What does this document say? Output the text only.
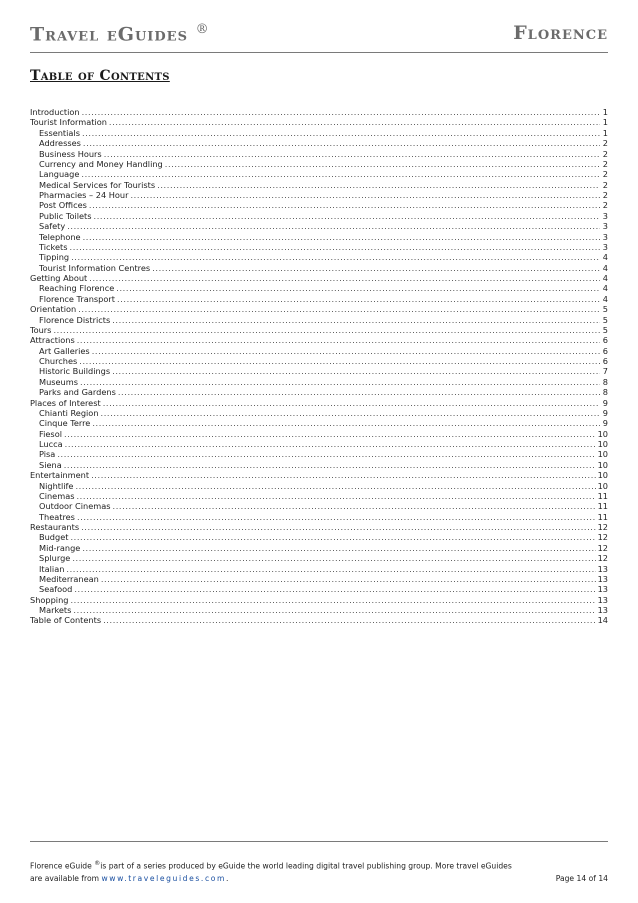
Travel eGuides ®	Florence
Table of Contents
Introduction .....	1
Tourist Information .....	1
Essentials .....	1
Addresses .....	2
Business Hours .....	2
Currency and Money Handling .....	2
Language .....	2
Medical Services for Tourists .....	2
Pharmacies – 24 Hour .....	2
Post Offices .....	2
Public Toilets .....	3
Safety .....	3
Telephone .....	3
Tickets .....	3
Tipping .....	4
Tourist Information Centres .....	4
Getting About .....	4
Reaching Florence .....	4
Florence Transport .....	4
Orientation .....	5
Florence Districts .....	5
Tours .....	5
Attractions .....	6
Art Galleries .....	6
Churches .....	6
Historic Buildings .....	7
Museums .....	8
Parks and Gardens .....	8
Places of Interest .....	9
Chianti Region .....	9
Cinque Terre .....	9
Fiesol .....	10
Lucca .....	10
Pisa .....	10
Siena .....	10
Entertainment .....	10
Nightlife .....	10
Cinemas .....	11
Outdoor Cinemas .....	11
Theatres .....	11
Restaurants .....	12
Budget .....	12
Mid-range .....	12
Splurge .....	12
Italian .....	13
Mediterranean .....	13
Seafood .....	13
Shopping .....	13
Markets .....	13
Table of Contents .....	14
Florence eGuide ®is part of a series produced by eGuide the world leading digital travel publishing group. More travel eGuides
are available from www.traveleguides.com.	Page 14 of 14
